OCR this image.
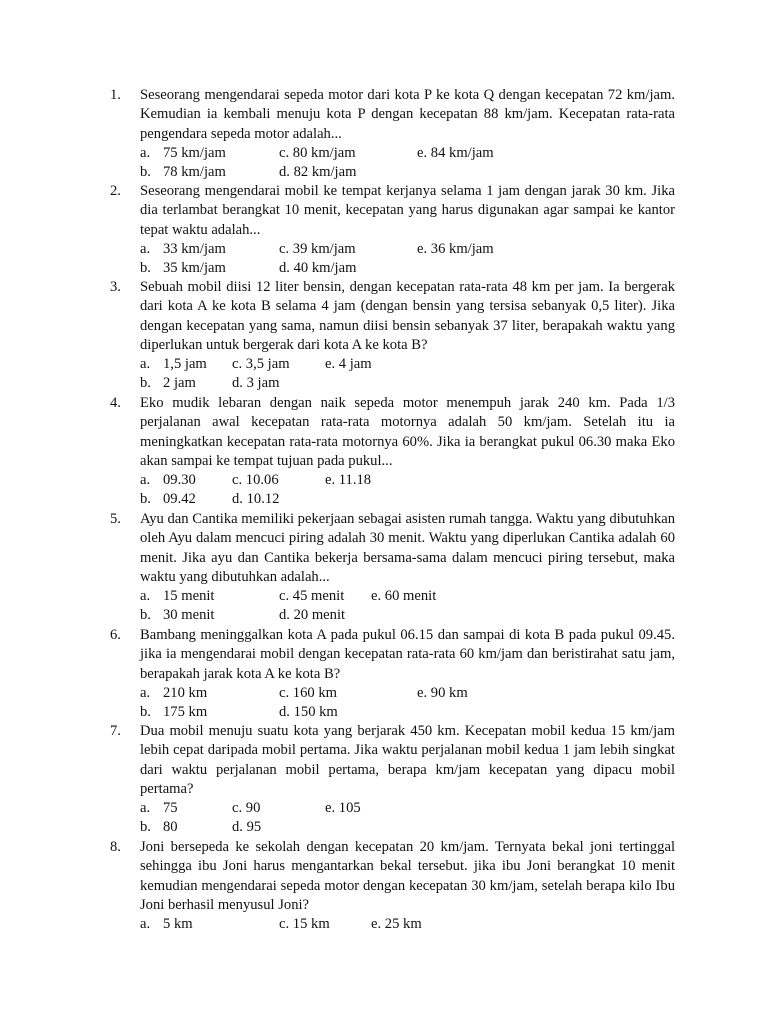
1.	Seseorang mengendarai sepeda motor dari kota P ke kota Q dengan kecepatan 72 km/jam. Kemudian ia kembali menuju kota P dengan kecepatan 88 km/jam. Kecepatan rata-rata pengendara sepeda motor adalah...
a. 75 km/jam	c. 80 km/jam	e. 84 km/jam
b. 78 km/jam	d. 82 km/jam
2.	Seseorang mengendarai mobil ke tempat kerjanya selama 1 jam dengan jarak 30 km. Jika dia terlambat berangkat 10 menit, kecepatan yang harus digunakan agar sampai ke kantor tepat waktu adalah...
a. 33 km/jam	c. 39 km/jam	e. 36 km/jam
b. 35 km/jam	d. 40 km/jam
3.	Sebuah mobil diisi 12 liter bensin, dengan kecepatan rata-rata 48 km per jam. Ia bergerak dari kota A ke kota B selama 4 jam (dengan bensin yang tersisa sebanyak 0,5 liter). Jika dengan kecepatan yang sama, namun diisi bensin sebanyak 37 liter, berapakah waktu yang diperlukan untuk bergerak dari kota A ke kota B?
a. 1,5 jam c. 3,5 jam e. 4 jam
b. 2 jam d. 3 jam
4.	Eko mudik lebaran dengan naik sepeda motor menempuh jarak 240 km. Pada 1/3 perjalanan awal kecepatan rata-rata motornya adalah 50 km/jam. Setelah itu ia meningkatkan kecepatan rata-rata motornya 60%. Jika ia berangkat pukul 06.30 maka Eko akan sampai ke tempat tujuan pada pukul...
a. 09.30 c. 10.06	e. 11.18
b. 09.42 d. 10.12
5.	Ayu dan Cantika memiliki pekerjaan sebagai asisten rumah tangga. Waktu yang dibutuhkan oleh Ayu dalam mencuci piring adalah 30 menit. Waktu yang diperlukan Cantika adalah 60 menit. Jika ayu dan Cantika bekerja bersama-sama dalam mencuci piring tersebut, maka waktu yang dibutuhkan adalah...
a. 15 menit	c. 45 menit e. 60 menit
b. 30 menit	d. 20 menit
6.	Bambang meninggalkan kota A pada pukul 06.15 dan sampai di kota B pada pukul 09.45. jika ia mengendarai mobil dengan kecepatan rata-rata 60 km/jam dan beristirahat satu jam, berapakah jarak kota A ke kota B?
a. 210 km	c. 160 km	e. 90 km
b. 175 km	d. 150 km
7.	Dua mobil menuju suatu kota yang berjarak 450 km. Kecepatan mobil kedua 15 km/jam lebih cepat daripada mobil pertama. Jika waktu perjalanan mobil kedua 1 jam lebih singkat dari waktu perjalanan mobil pertama, berapa km/jam kecepatan yang dipacu mobil pertama?
a. 75	c. 90	e. 105
b. 80	d. 95
8.	Joni bersepeda ke sekolah dengan kecepatan 20 km/jam. Ternyata bekal joni tertinggal sehingga ibu Joni harus mengantarkan bekal tersebut. jika ibu Joni berangkat 10 menit kemudian mengendarai sepeda motor dengan kecepatan 30 km/jam, setelah berapa kilo Ibu Joni berhasil menyusul Joni?
a. 5 km	c. 15 km	e. 25 km
